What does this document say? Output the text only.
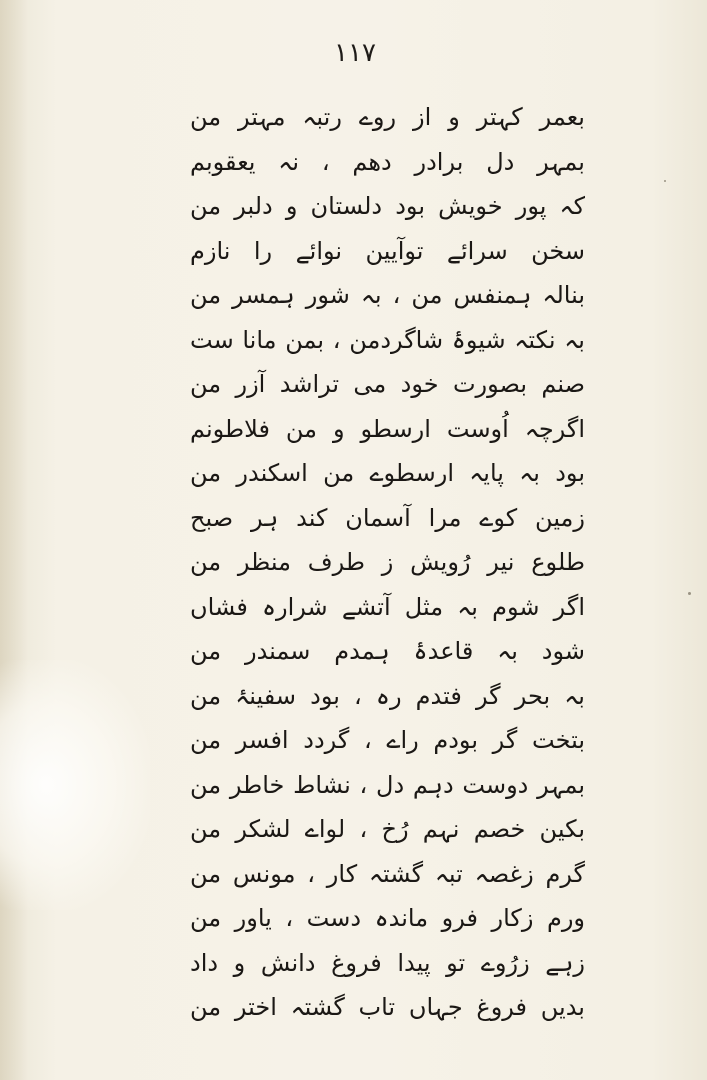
۱۱۷
بعمر کہتر و از روے رتبہ مہتر من
بمہر دل برادر دھم ، نہ یعقوبم
کہ پور خویش بود دلستان و دلبر من
سخن سرائے توآیین نوائے را نازم
بنالہ ہمنفس من ، بہ شور ہمسر من
بہ نکتہ شیوۂ شاگردمن ، بمن مانا ست
صنم بصورت خود می تراشد آزر من
اگرچہ اُوست ارسطو و من فلاطونم
بود بہ پایہ ارسطوے من اسکندر من
زمین کوے مرا آسمان کند ہر صبح
طلوع نیر رُویش ز طرف منظر من
اگر شوم بہ مثل آتشے شرارہ فشاں
شود بہ قاعدۂ ہمدم سمندر من
بہ بحر گر فتدم رہ ، بود سفینۂ من
بتخت گر بودم راے ، گردد افسر من
بمہر دوست دہم دل ، نشاط خاطر من
بکین خصم نہم رُخ ، لواے لشکر من
گرم زغصہ تبہ گشتہ کار ، مونس من
ورم زکار فرو ماندہ دست ، یاور من
زہے زرُوے تو پیدا فروغ دانش و داد
بدیں فروغ جہاں تاب گشتہ اختر من
